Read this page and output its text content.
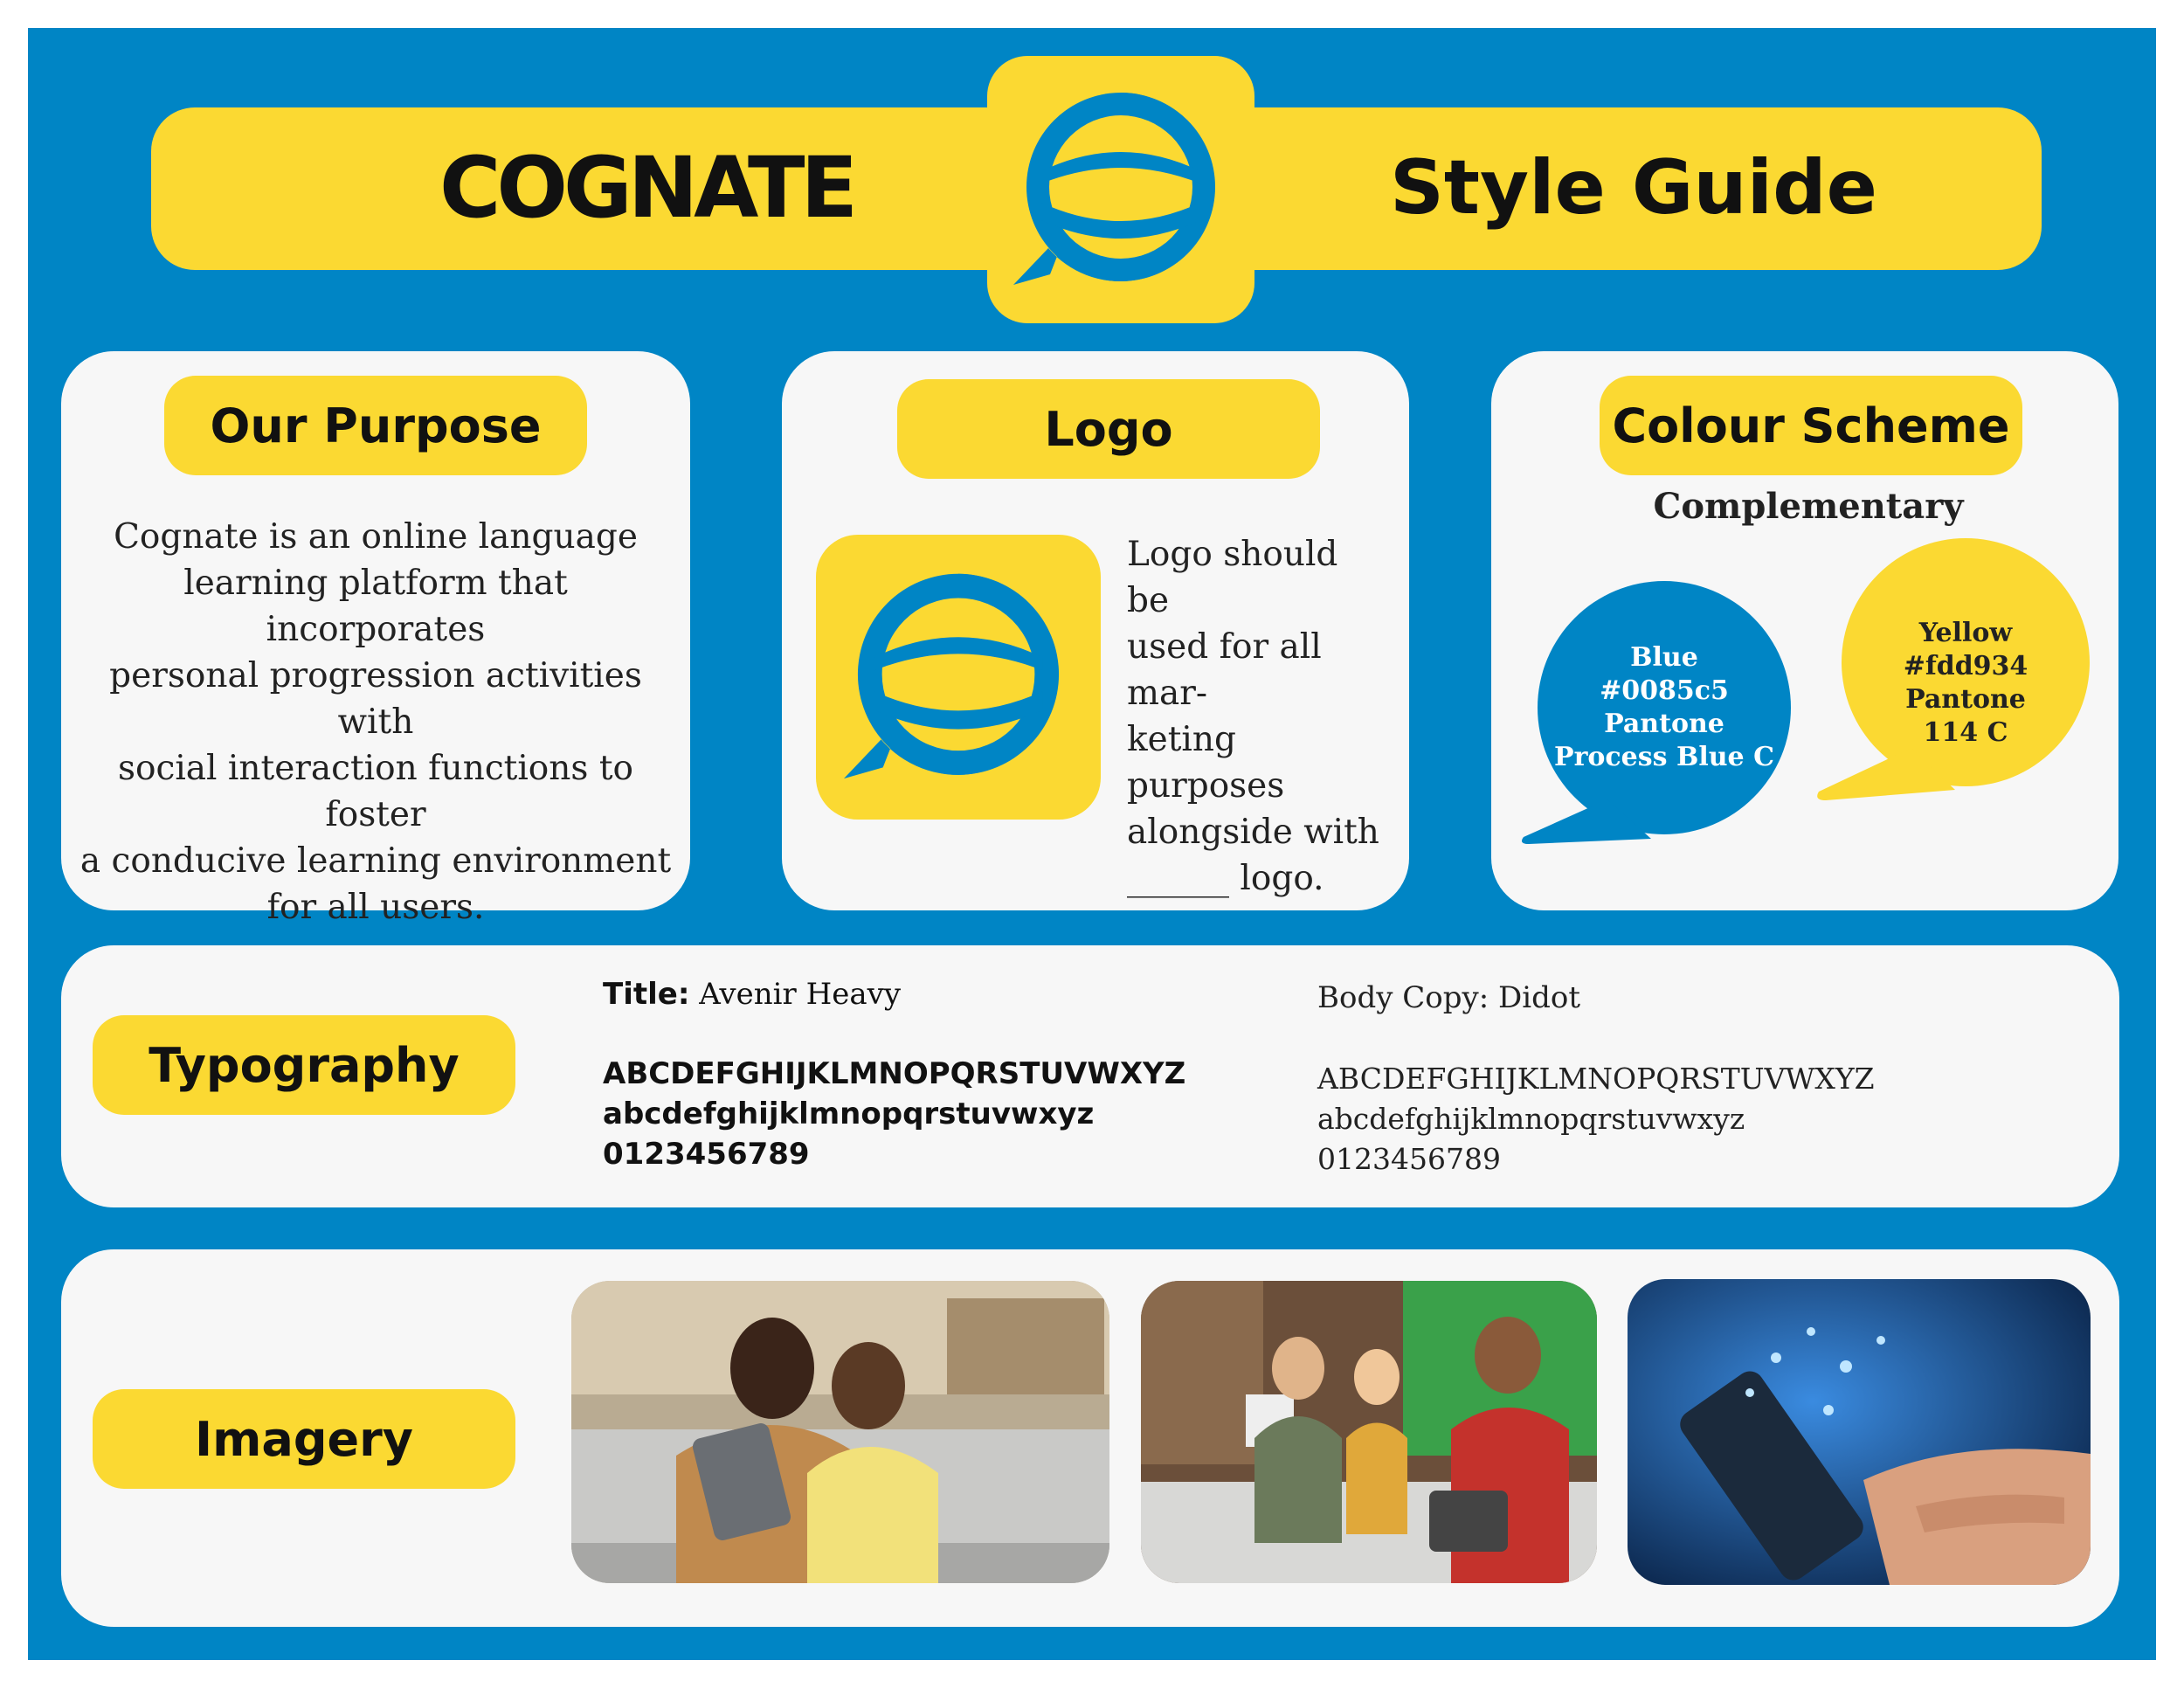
COGNATE	Style Guide
Our Purpose
Cognate is an online language
learning platform that incorporates
personal progression activities with
social interaction functions to foster
a conducive learning environment
for all users.
Logo
Logo should be
used for all mar-
keting purposes
alongside with
______ logo.
Colour Scheme
Complementary
Blue
#0085c5
Pantone
Process Blue C
Yellow
#fdd934
Pantone
114 C
Typography
Title: Avenir Heavy
ABCDEFGHIJKLMNOPQRSTUVWXYZ
abcdefghijklmnopqrstuvwxyz
0123456789
Body Copy: Didot
ABCDEFGHIJKLMNOPQRSTUVWXYZ
abcdefghijklmnopqrstuvwxyz
0123456789
Imagery
